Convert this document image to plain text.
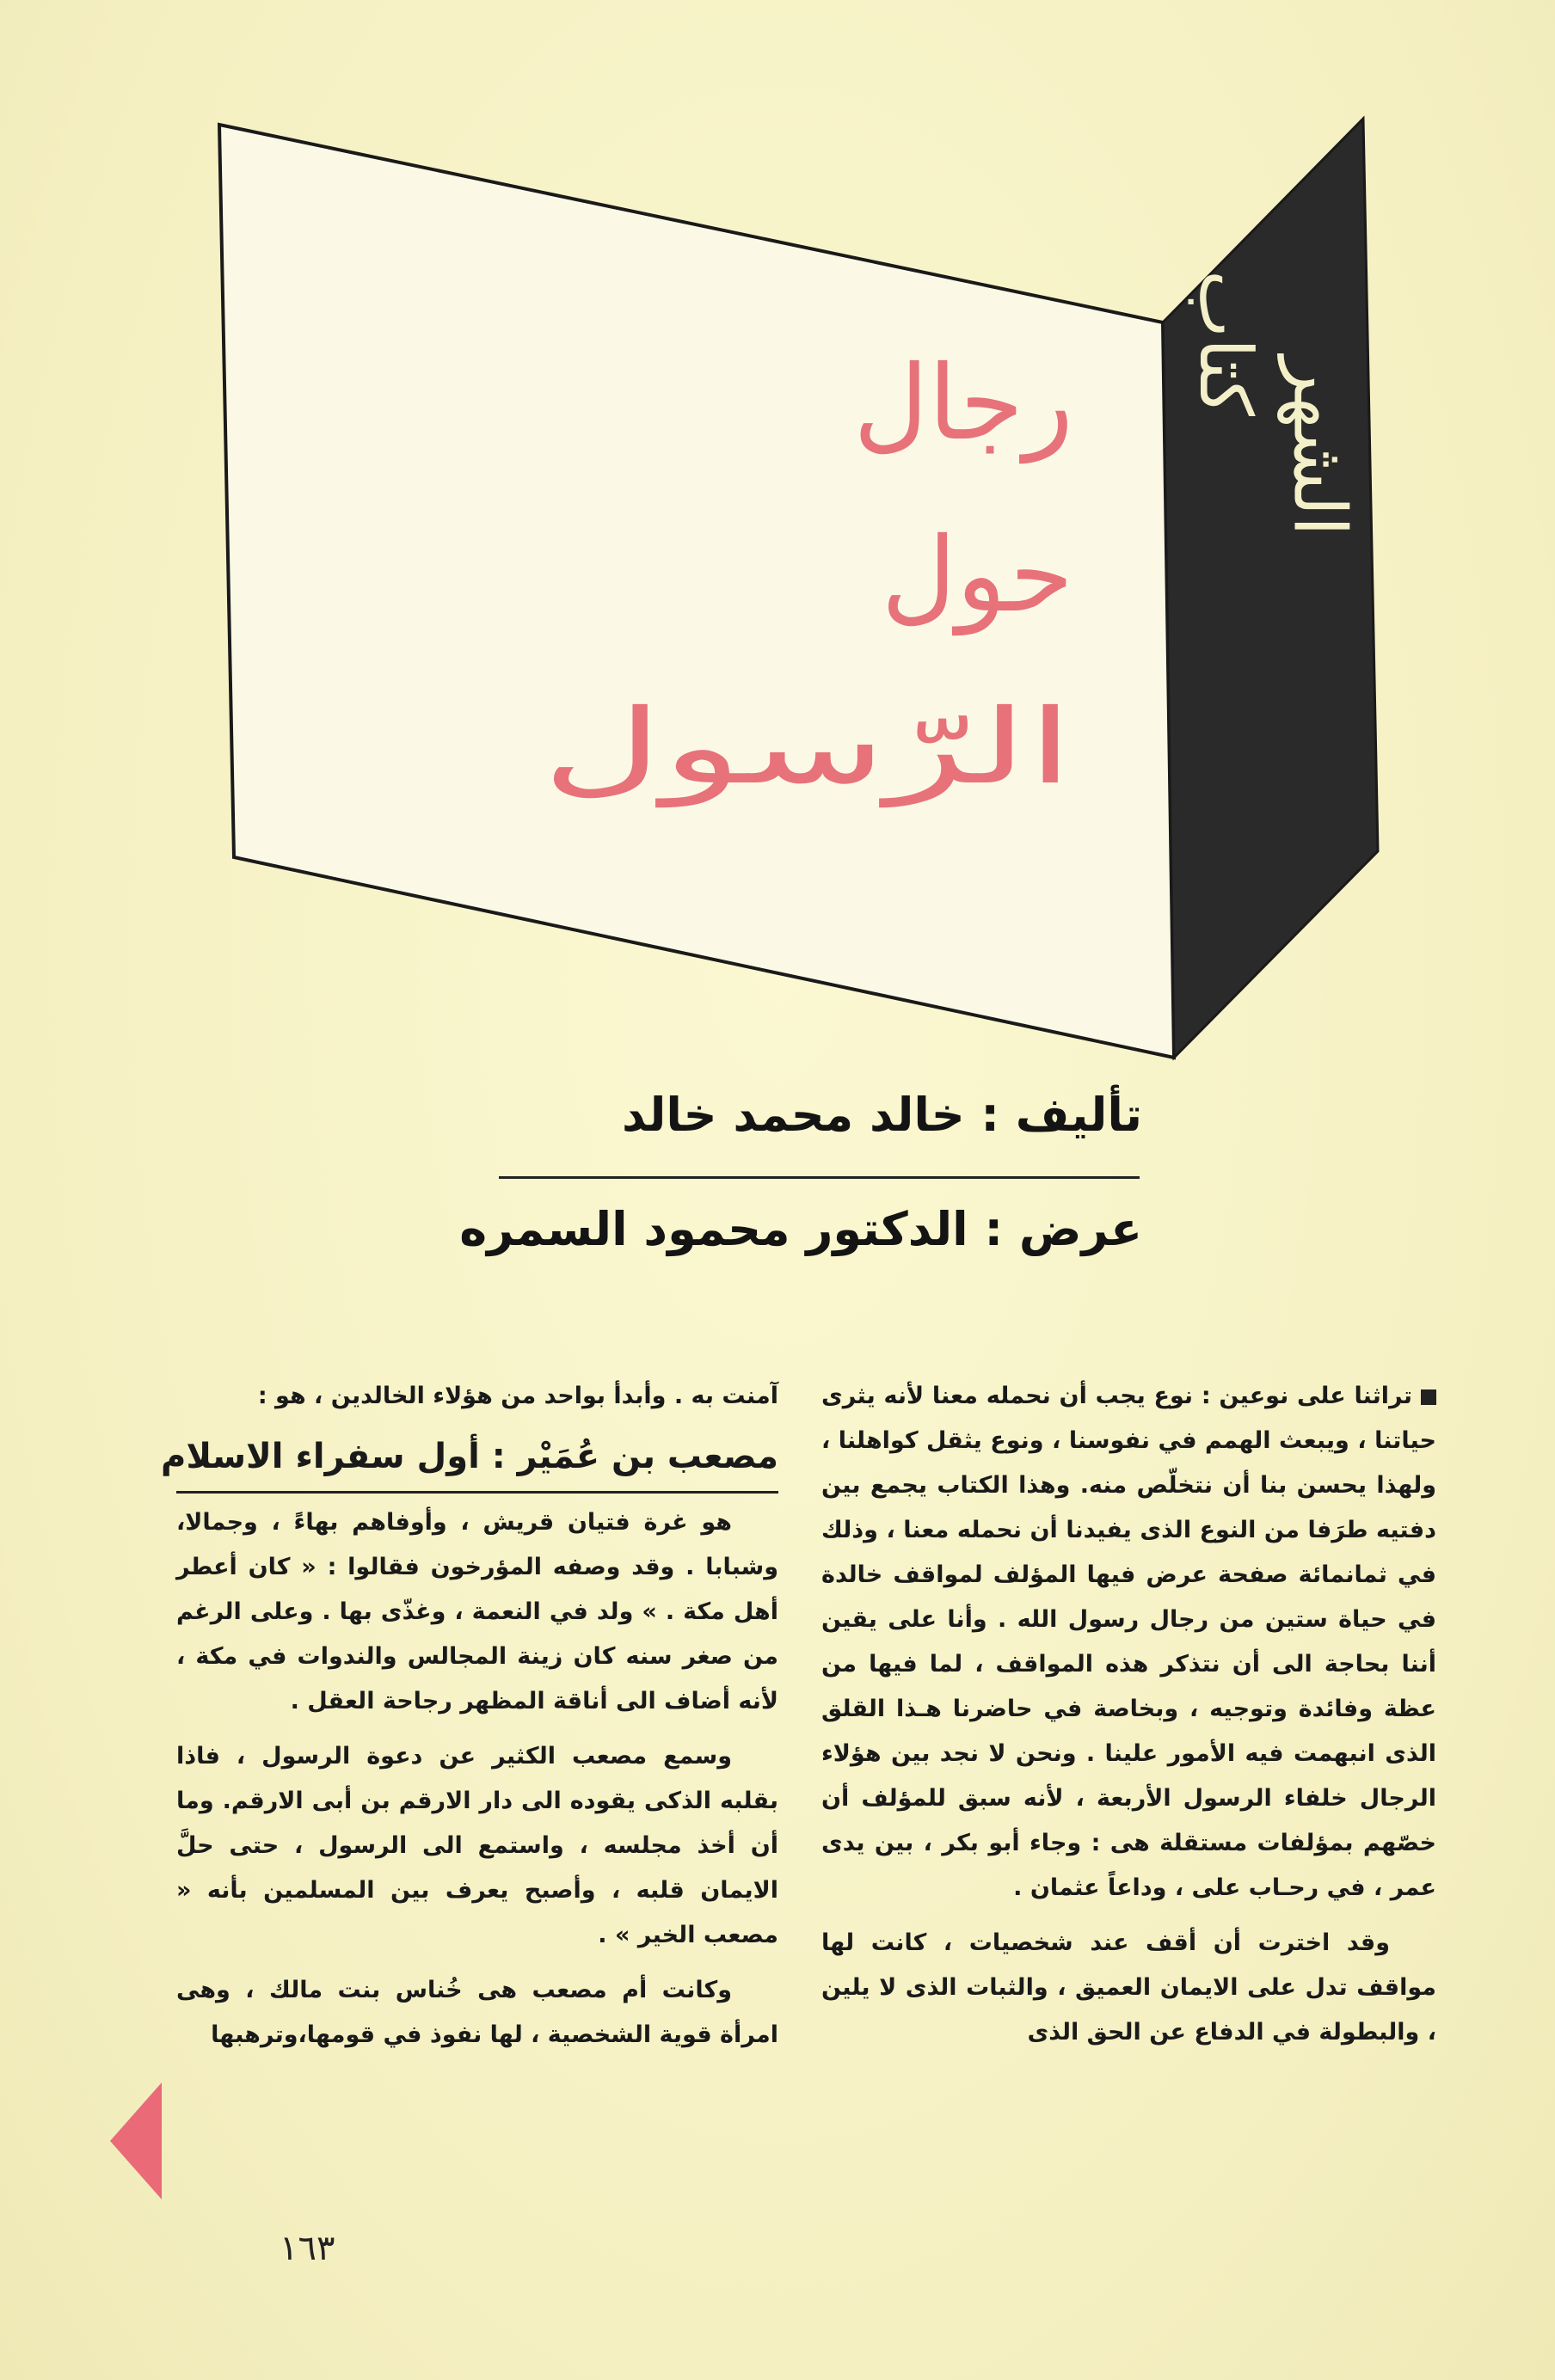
رجال
حول
الرّسول
كتاب
الشهر
تأليف : خالد محمد خالد
عرض : الدكتور محمود السمره

تراثنا على نوعين : نوع يجب أن نحمله معنا لأنه يثرى حياتنا ، ويبعث الهمم في نفوسنا ، ونوع يثقل كواهلنا ، ولهذا يحسن بنا أن نتخلّص منه. وهذا الكتاب يجمع بين دفتيه طرَفا من النوع الذى يفيدنا أن نحمله معنا ، وذلك في ثمانمائة صفحة عرض فيها المؤلف لمواقف خالدة في حياة ستين من رجال رسول الله . وأنا على يقين أننا بحاجة الى أن نتذكر هذه المواقف ، لما فيها من عظة وفائدة وتوجيه ، وبخاصة في حاضرنا هـذا القلق الذى انبهمت فيه الأمور علينا . ونحن لا نجد بين هؤلاء الرجال خلفاء الرسول الأربعة ، لأنه سبق للمؤلف أن خصّهم بمؤلفات مستقلة هى : وجاء أبو بكر ، بين يدى عمر ، في رحـاب على ، وداعاً عثمان .

وقد اخترت أن أقف عند شخصيات ، كانت لها مواقف تدل على الايمان العميق ، والثبات الذى لا يلين ، والبطولة في الدفاع عن الحق الذى

آمنت به . وأبدأ بواحد من هؤلاء الخالدين ، هو :

مصعب بن عُمَيْر : أول سفراء الاسلام

هو غرة فتيان قريش ، وأوفاهم بهاءً ، وجمالا، وشبابا . وقد وصفه المؤرخون فقالوا : « كان أعطر أهل مكة . » ولد في النعمة ، وغذّى بها . وعلى الرغم من صغر سنه كان زينة المجالس والندوات في مكة ، لأنه أضاف الى أناقة المظهر رجاحة العقل .

وسمع مصعب الكثير عن دعوة الرسول ، فاذا بقلبه الذكى يقوده الى دار الارقم بن أبى الارقم. وما أن أخذ مجلسه ، واستمع الى الرسول ، حتى حلَّ الايمان قلبه ، وأصبح يعرف بين المسلمين بأنه « مصعب الخير » .

وكانت أم مصعب هى خُناس بنت مالك ، وهى امرأة قوية الشخصية ، لها نفوذ في قومها،وترهبها

١٦٣
